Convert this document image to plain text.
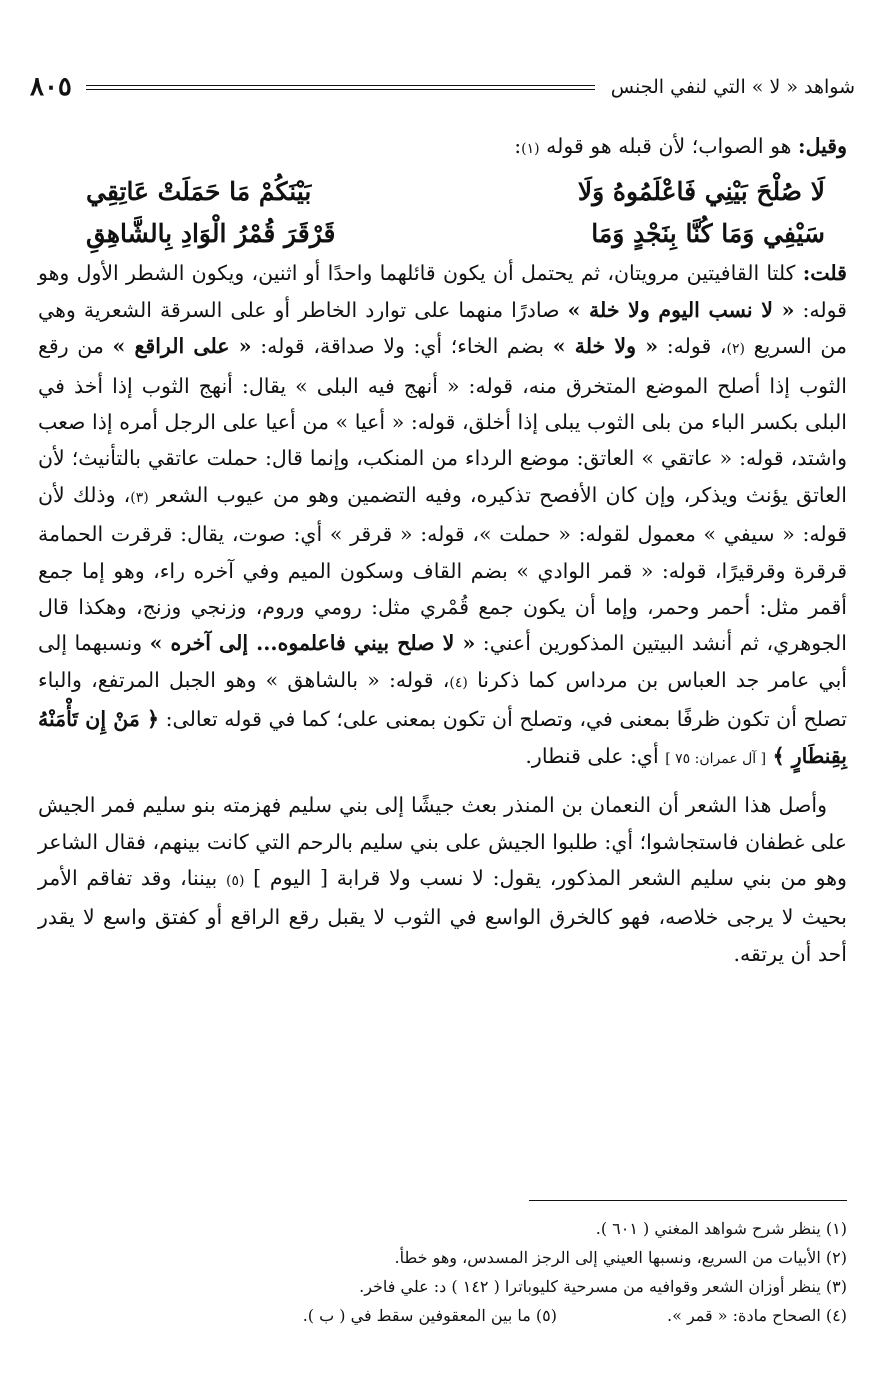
شواهد « لا » التي لنفي الجنس
٨٠٥

وقيل: هو الصواب؛ لأن قبله هو قوله (١):

لَا صُلْحَ بَيْنِي فَاعْلَمُوهُ وَلَا
بَيْنَكُمْ مَا حَمَلَتْ عَاتِقِي
سَيْفِي وَمَا كُنَّا بِنَجْدٍ وَمَا
قَرْقَرَ قُمْرُ الْوَادِ بِالشَّاهِقِ

قلت: كلتا القافيتين مرويتان، ثم يحتمل أن يكون قائلهما واحدًا أو اثنين، ويكون الشطر الأول وهو قوله: « لا نسب اليوم ولا خلة » صادرًا منهما على توارد الخاطر أو على السرقة الشعرية وهي من السريع (٢)، قوله: « ولا خلة » بضم الخاء؛ أي: ولا صداقة، قوله: « على الراقع » من رقع الثوب إذا أصلح الموضع المتخرق منه، قوله: « أنهج فيه البلى » يقال: أنهج الثوب إذا أخذ في البلى بكسر الباء من بلى الثوب يبلى إذا أخلق، قوله: « أعيا » من أعيا على الرجل أمره إذا صعب واشتد، قوله: « عاتقي » العاتق: موضع الرداء من المنكب، وإنما قال: حملت عاتقي بالتأنيث؛ لأن العاتق يؤنث ويذكر، وإن كان الأفصح تذكيره، وفيه التضمين وهو من عيوب الشعر (٣)، وذلك لأن قوله: « سيفي » معمول لقوله: « حملت »، قوله: « قرقر » أي: صوت، يقال: قرقرت الحمامة قرقرة وقرقيرًا، قوله: « قمر الوادي » بضم القاف وسكون الميم وفي آخره راء، وهو إما جمع أقمر مثل: أحمر وحمر، وإما أن يكون جمع قُمْري مثل: رومي وروم، وزنجي وزنج، وهكذا قال الجوهري، ثم أنشد البيتين المذكورين أعني: « لا صلح بيني فاعلموه... إلى آخره » ونسبهما إلى أبي عامر جد العباس بن مرداس كما ذكرنا (٤)، قوله: « بالشاهق » وهو الجبل المرتفع، والباء تصلح أن تكون ظرفًا بمعنى في، وتصلح أن تكون بمعنى على؛ كما في قوله تعالى: ﴿ مَنْ إِن تَأْمَنْهُ بِقِنطَارٍ ﴾ [ آل عمران: ٧٥ ] أي: على قنطار.

وأصل هذا الشعر أن النعمان بن المنذر بعث جيشًا إلى بني سليم فهزمته بنو سليم فمر الجيش على غطفان فاستجاشوا؛ أي: طلبوا الجيش على بني سليم بالرحم التي كانت بينهم، فقال الشاعر وهو من بني سليم الشعر المذكور، يقول: لا نسب ولا قرابة [ اليوم ] (٥) بيننا، وقد تفاقم الأمر بحيث لا يرجى خلاصه، فهو كالخرق الواسع في الثوب لا يقبل رقع الراقع أو كفتق واسع لا يقدر أحد أن يرتقه.

(١) ينظر شرح شواهد المغني ( ٦٠١ ).
(٢) الأبيات من السريع، ونسبها العيني إلى الرجز المسدس، وهو خطأ.
(٣) ينظر أوزان الشعر وقوافيه من مسرحية كليوباترا ( ١٤٢ ) د: علي فاخر.
(٤) الصحاح مادة: « قمر ».
(٥) ما بين المعقوفين سقط في ( ب ).
